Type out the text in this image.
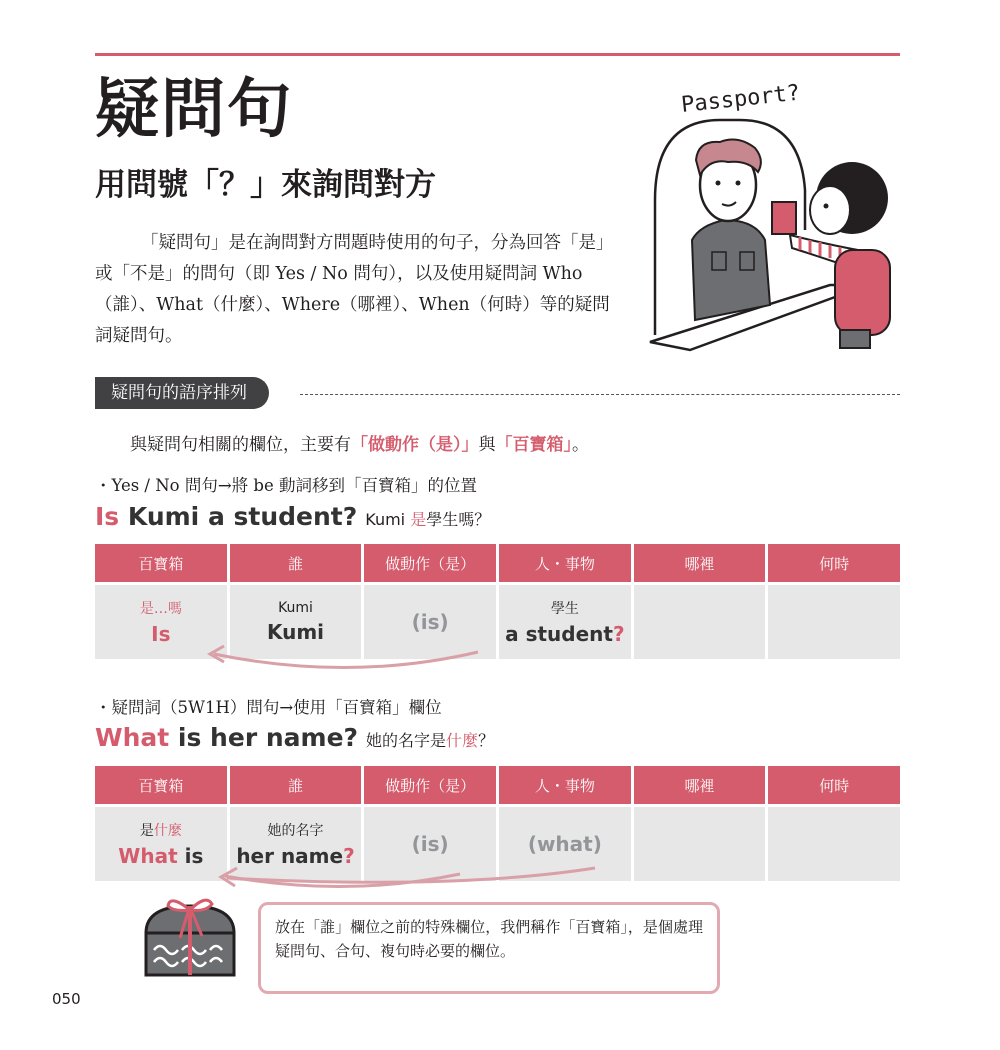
疑問句
用問號「？」來詢問對方
「疑問句」是在詢問對方問題時使用的句子，分為回答「是」或「不是」的問句（即 Yes / No 問句），以及使用疑問詞 Who（誰）、What（什麼）、Where（哪裡）、When（何時）等的疑問詞疑問句。
Passport?
疑問句的語序排列
與疑問句相關的欄位，主要有「做動作（是）」與「百寶箱」。
・Yes / No 問句→將 be 動詞移到「百寶箱」的位置
Is Kumi a student? Kumi 是學生嗎？
百寶箱
是…嗎
Is
誰
Kumi
Kumi
做動作（是）
(is)
人・事物
學生
a student?
哪裡	何時
・疑問詞（5W1H）問句→使用「百寶箱」欄位
What is her name? 她的名字是什麼？
百寶箱
是什麼
What is
誰
她的名字
her name?
做動作（是）
(is)
人・事物
(what)
哪裡	何時
放在「誰」欄位之前的特殊欄位，我們稱作「百寶箱」，是個處理疑問句、合句、複句時必要的欄位。
050
